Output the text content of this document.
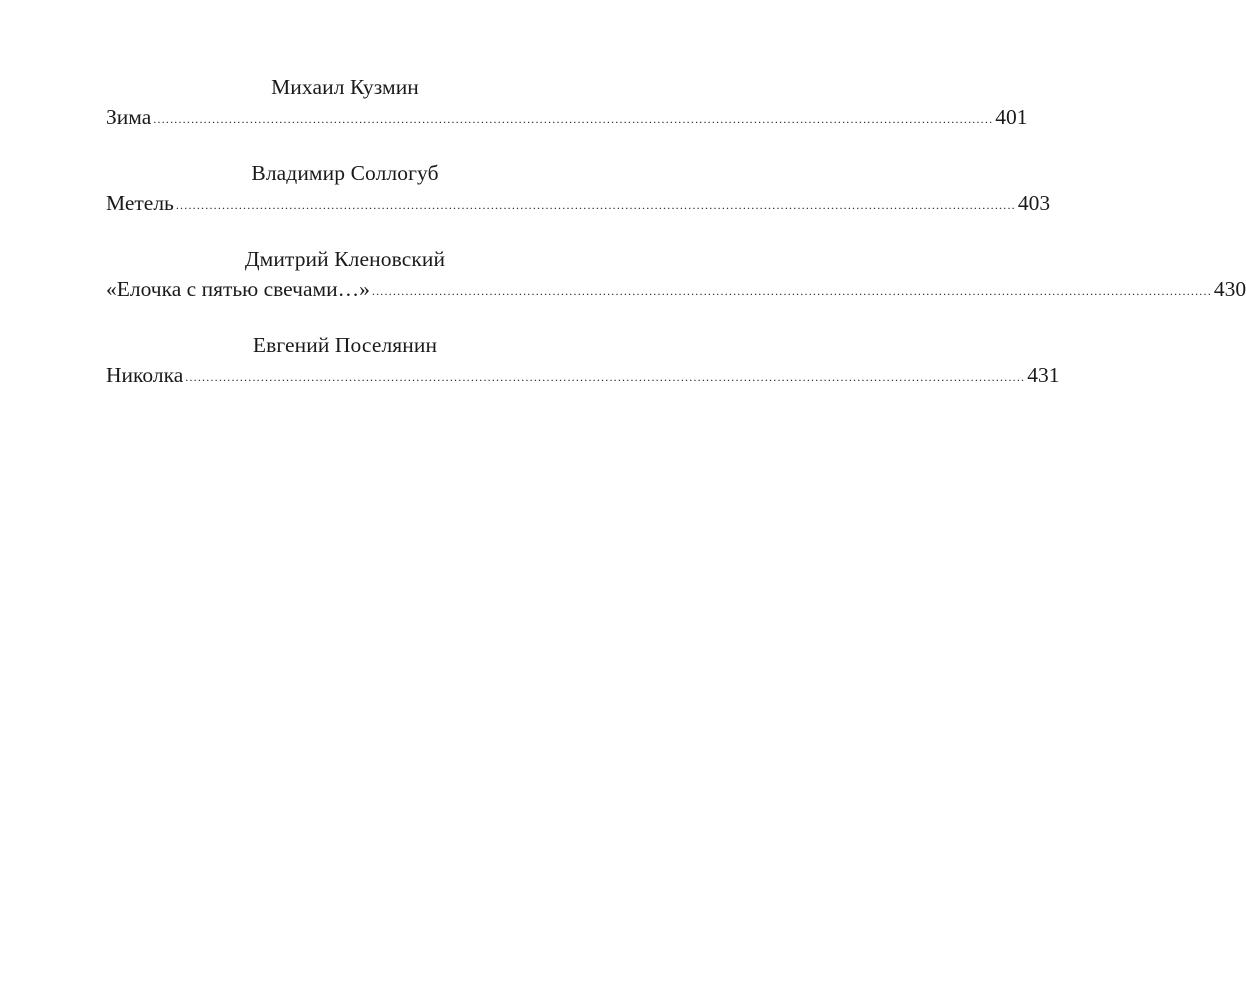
Михаил Кузмин
Зима ........................................................................................................................................................................................................ 401
Владимир Соллогуб
Метель ........................................................................................................................................................................................................ 403
Дмитрий Кленовский
«Елочка с пятью свечами…» ........................................................................................................................................................................................................ 430
Евгений Поселянин
Николка ........................................................................................................................................................................................................ 431
